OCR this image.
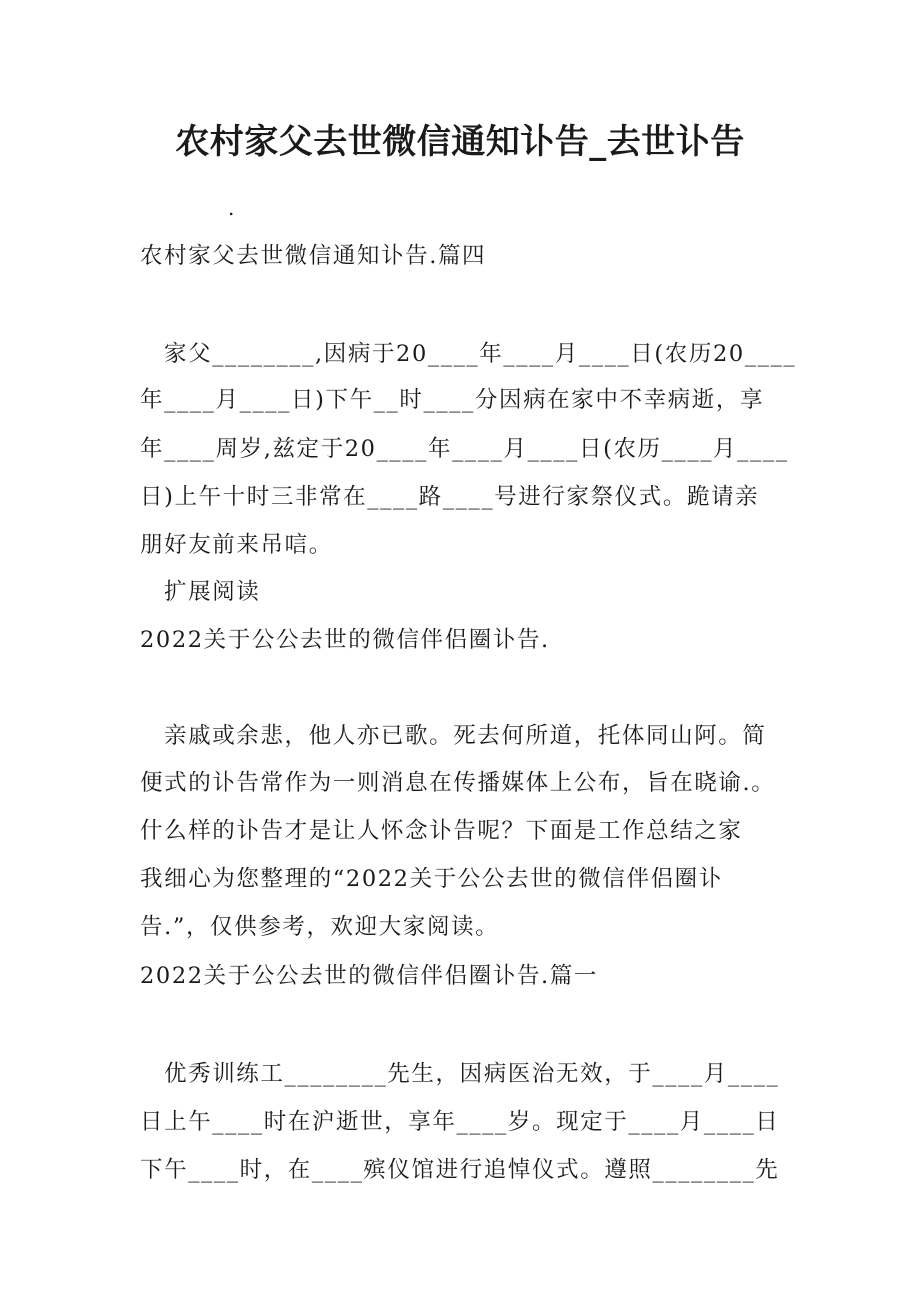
农村家父去世微信通知讣告_去世讣告
.
农村家父去世微信通知讣告.篇四
家父________,因病于20____年____月____日(农历20____
年____月____日)下午__时____分因病在家中不幸病逝，享
年____周岁,兹定于20____年____月____日(农历____月____
日)上午十时三非常在____路____号进行家祭仪式。跪请亲
朋好友前来吊唁。
扩展阅读
2022关于公公去世的微信伴侣圈讣告.
亲戚或余悲，他人亦已歌。死去何所道，托体同山阿。简
便式的讣告常作为一则消息在传播媒体上公布，旨在晓谕.。
什么样的讣告才是让人怀念讣告呢？下面是工作总结之家
我细心为您整理的“2022关于公公去世的微信伴侣圈讣
告.”，仅供参考，欢迎大家阅读。
2022关于公公去世的微信伴侣圈讣告.篇一
优秀训练工________先生，因病医治无效，于____月____
日上午____时在沪逝世，享年____岁。现定于____月____日
下午____时，在____殡仪馆进行追悼仪式。遵照________先
